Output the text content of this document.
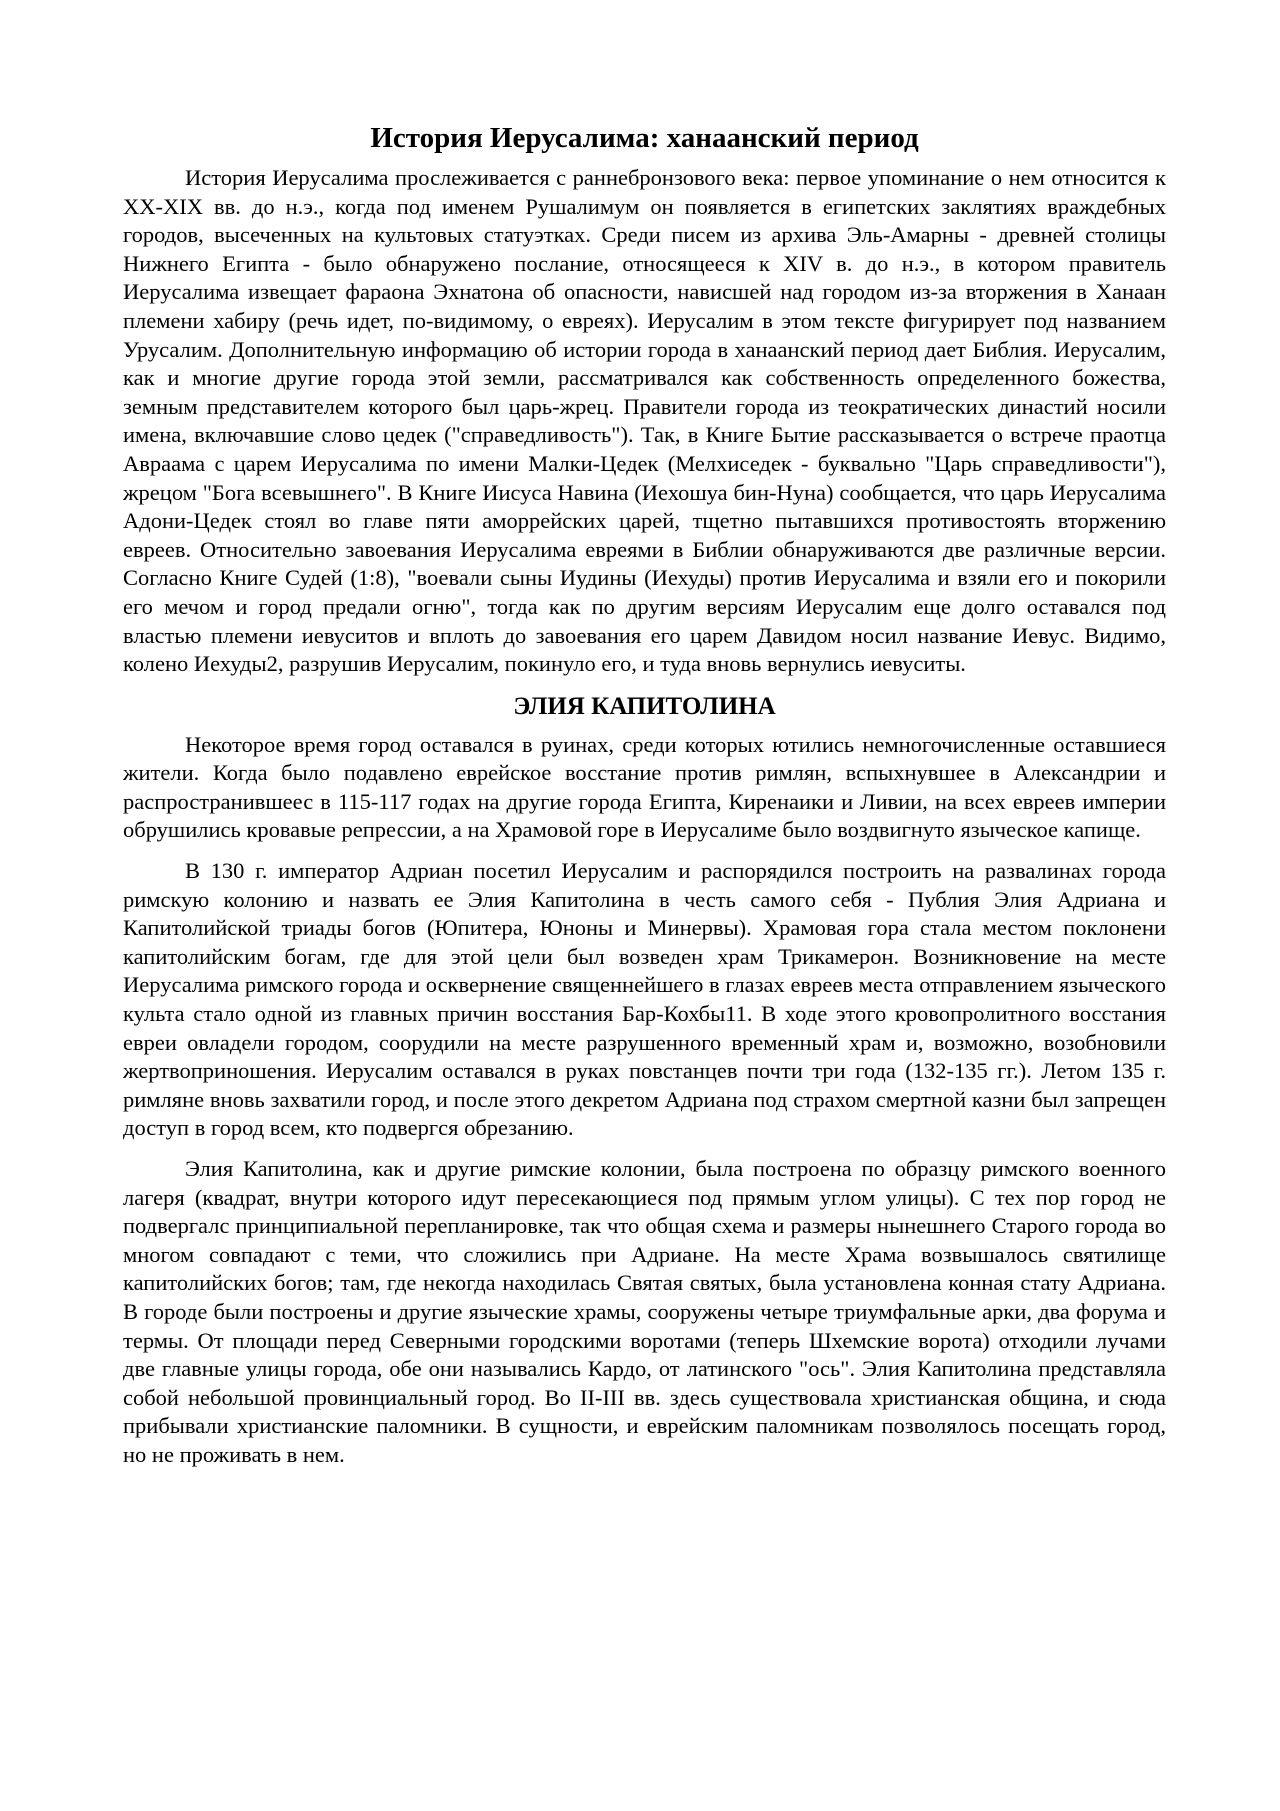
История Иерусалима: ханаанский период

История Иерусалима прослеживается с раннебронзового века: первое упоминание о нем относится к XX-XIX вв. до н.э., когда под именем Рушалимум он появляется в египетских заклятиях враждебных городов, высеченных на культовых статуэтках. Среди писем из архива Эль-Амарны - древней столицы Нижнего Египта - было обнаружено послание, относящееся к XIV в. до н.э., в котором правитель Иерусалима извещает фараона Эхнатона об опасности, нависшей над городом из-за вторжения в Ханаан племени хабиру (речь идет, по-видимому, о евреях). Иерусалим в этом тексте фигурирует под названием Урусалим. Дополнительную информацию об истории города в ханаанский период дает Библия. Иерусалим, как и многие другие города этой земли, рассматривался как собственность определенного божества, земным представителем которого был царь-жрец. Правители города из теократических династий носили имена, включавшие слово цедек ("справедливость"). Так, в Книге Бытие рассказывается о встрече праотца Авраама с царем Иерусалима по имени Малки-Цедек (Мелхиседек - буквально "Царь справедливости"), жрецом "Бога всевышнего". В Книге Иисуса Навина (Иехошуа бин-Нуна) сообщается, что царь Иерусалима Адони-Цедек стоял во главе пяти аморрейских царей, тщетно пытавшихся противостоять вторжению евреев. Относительно завоевания Иерусалима евреями в Библии обнаруживаются две различные версии. Согласно Книге Судей (1:8), "воевали сыны Иудины (Иехуды) против Иерусалима и взяли его и покорили его мечом и город предали огню", тогда как по другим версиям Иерусалим еще долго оставался под властью племени иевуситов и вплоть до завоевания его царем Давидом носил название Иевус. Видимо, колено Иехуды2, разрушив Иерусалим, покинуло его, и туда вновь вернулись иевуситы.

ЭЛИЯ КАПИТОЛИНА

Некоторое время город оставался в руинах, среди которых ютились немногочисленные оставшиеся жители. Когда было подавлено еврейское восстание против римлян, вспыхнувшее в Александрии и распространившеес в 115-117 годах на другие города Египта, Киренаики и Ливии, на всех евреев империи обрушились кровавые репрессии, а на Храмовой горе в Иерусалиме было воздвигнуто языческое капище.

В 130 г. император Адриан посетил Иерусалим и распорядился построить на развалинах города римскую колонию и назвать ее Элия Капитолина в честь самого себя - Публия Элия Адриана и Капитолийской триады богов (Юпитера, Юноны и Минервы). Храмовая гора стала местом поклонени капитолийским богам, где для этой цели был возведен храм Трикамерон. Возникновение на месте Иерусалима римского города и осквернение священнейшего в глазах евреев места отправлением языческого культа стало одной из главных причин восстания Бар-Кохбы11. В ходе этого кровопролитного восстания евреи овладели городом, соорудили на месте разрушенного временный храм и, возможно, возобновили жертвоприношения. Иерусалим оставался в руках повстанцев почти три года (132-135 гг.). Летом 135 г. римляне вновь захватили город, и после этого декретом Адриана под страхом смертной казни был запрещен доступ в город всем, кто подвергся обрезанию.

Элия Капитолина, как и другие римские колонии, была построена по образцу римского военного лагеря (квадрат, внутри которого идут пересекающиеся под прямым углом улицы). С тех пор город не подвергалс принципиальной перепланировке, так что общая схема и размеры нынешнего Старого города во многом совпадают с теми, что сложились при Адриане. На месте Храма возвышалось святилище капитолийских богов; там, где некогда находилась Святая святых, была установлена конная стату Адриана. В городе были построены и другие языческие храмы, сооружены четыре триумфальные арки, два форума и термы. От площади перед Северными городскими воротами (теперь Шхемские ворота) отходили лучами две главные улицы города, обе они назывались Кардо, от латинского "ось". Элия Капитолина представляла собой небольшой провинциальный город. Во II-III вв. здесь существовала христианская община, и сюда прибывали христианские паломники. В сущности, и еврейским паломникам позволялось посещать город, но не проживать в нем.
